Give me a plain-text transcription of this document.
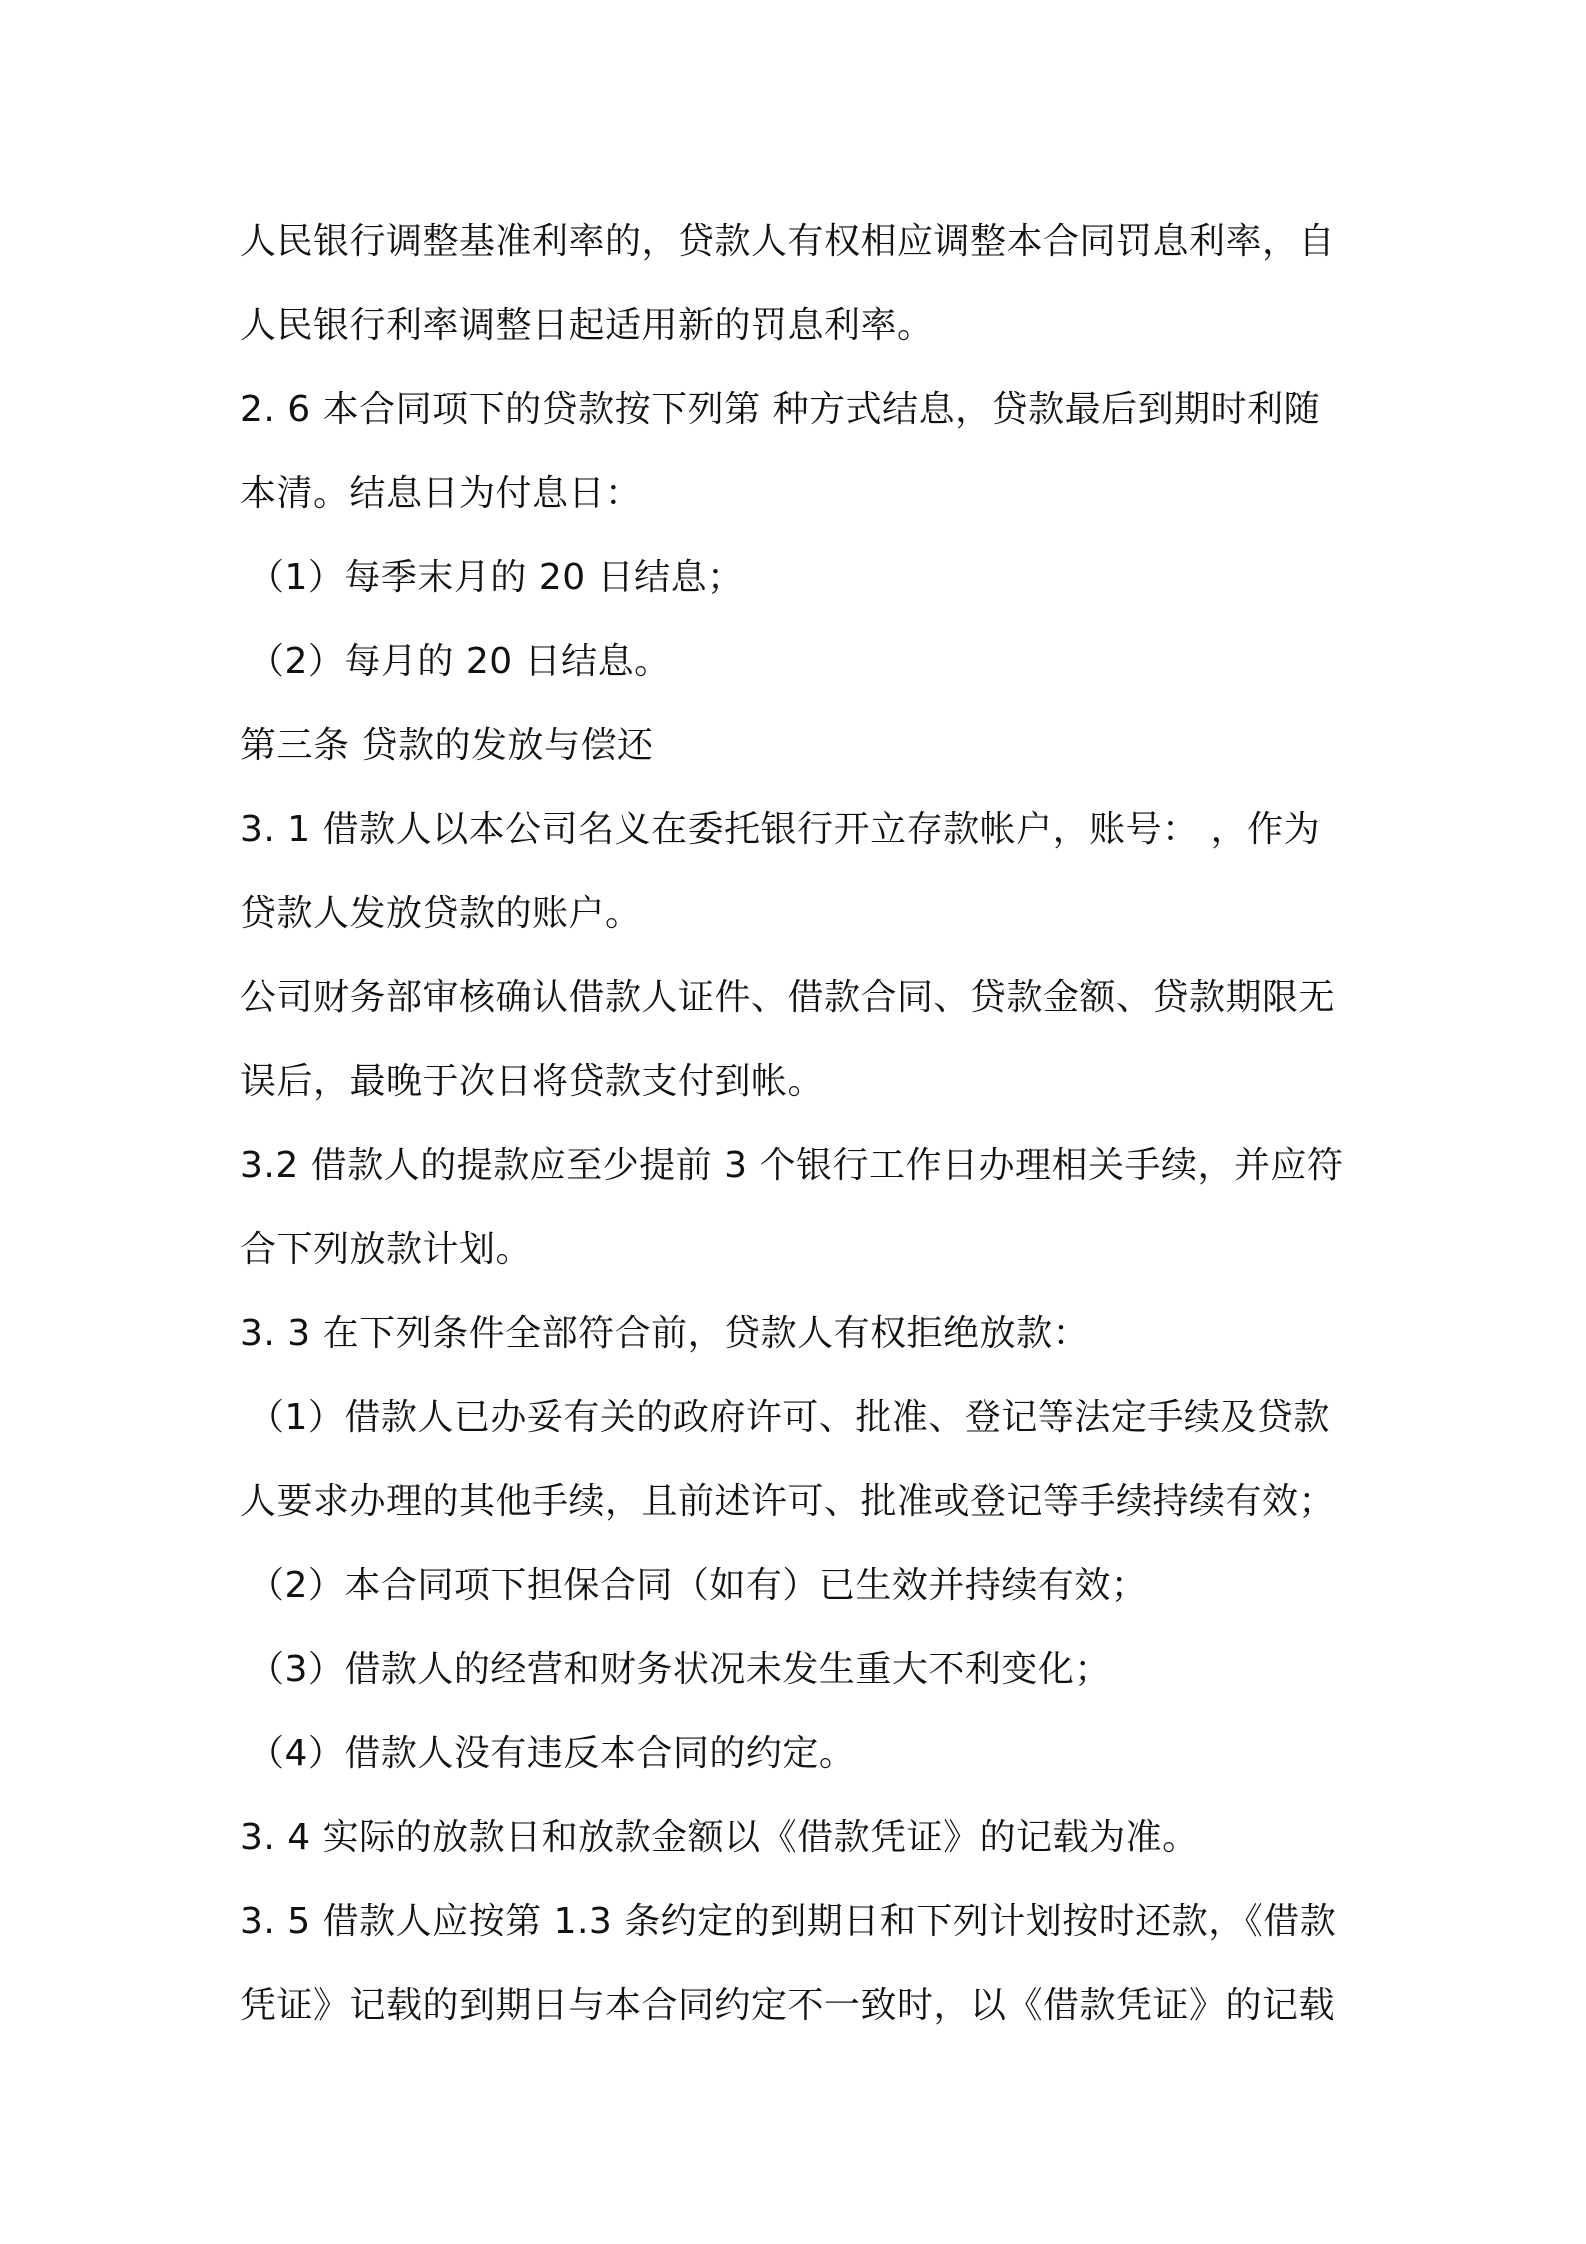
人民银行调整基准利率的，贷款人有权相应调整本合同罚息利率，自
人民银行利率调整日起适用新的罚息利率。
2. 6 本合同项下的贷款按下列第 种方式结息，贷款最后到期时利随
本清。结息日为付息日：
（1）每季末月的 20 日结息；
（2）每月的 20 日结息。
第三条 贷款的发放与偿还
3. 1 借款人以本公司名义在委托银行开立存款帐户，账号： ，作为
贷款人发放贷款的账户。
公司财务部审核确认借款人证件、借款合同、贷款金额、贷款期限无
误后，最晚于次日将贷款支付到帐。
3.2 借款人的提款应至少提前 3 个银行工作日办理相关手续，并应符
合下列放款计划。
3. 3 在下列条件全部符合前，贷款人有权拒绝放款：
（1）借款人已办妥有关的政府许可、批准、登记等法定手续及贷款
人要求办理的其他手续，且前述许可、批准或登记等手续持续有效；
（2）本合同项下担保合同（如有）已生效并持续有效；
（3）借款人的经营和财务状况未发生重大不利变化；
（4）借款人没有违反本合同的约定。
3. 4 实际的放款日和放款金额以《借款凭证》的记载为准。
3. 5 借款人应按第 1.3 条约定的到期日和下列计划按时还款，《借款
凭证》记载的到期日与本合同约定不一致时，以《借款凭证》的记载
